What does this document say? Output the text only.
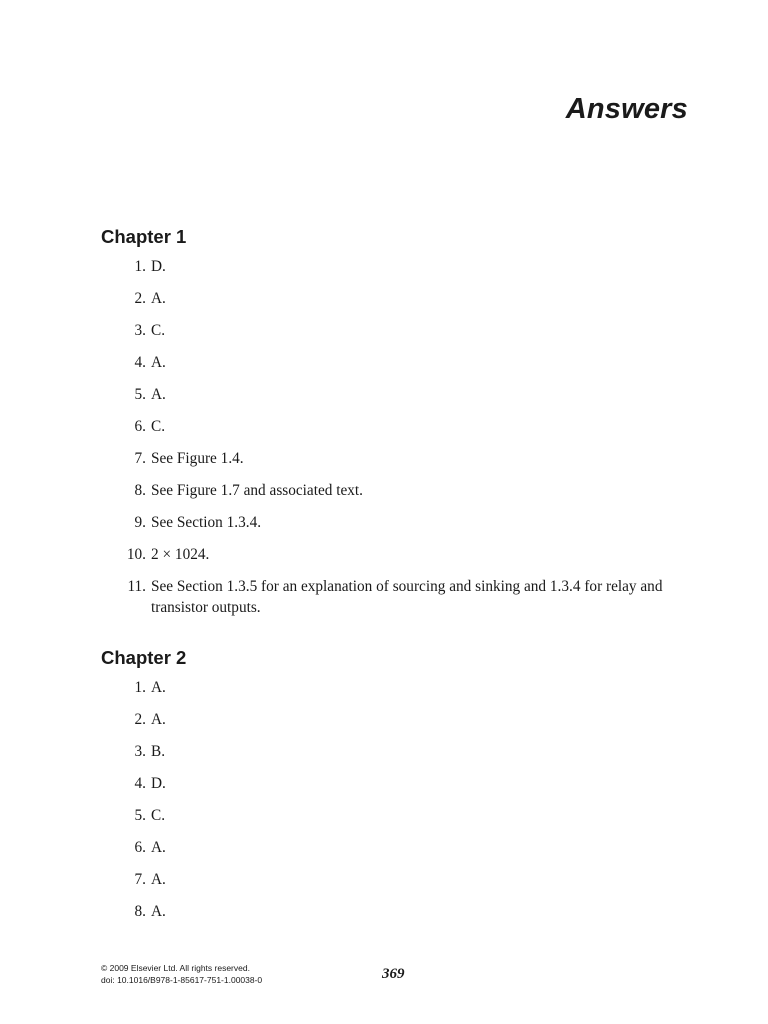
Answers
Chapter 1
1. D.
2. A.
3. C.
4. A.
5. A.
6. C.
7. See Figure 1.4.
8. See Figure 1.7 and associated text.
9. See Section 1.3.4.
10. 2 × 1024.
11. See Section 1.3.5 for an explanation of sourcing and sinking and 1.3.4 for relay and transistor outputs.
Chapter 2
1. A.
2. A.
3. B.
4. D.
5. C.
6. A.
7. A.
8. A.
© 2009 Elsevier Ltd. All rights reserved.
doi: 10.1016/B978-1-85617-751-1.00038-0	369
